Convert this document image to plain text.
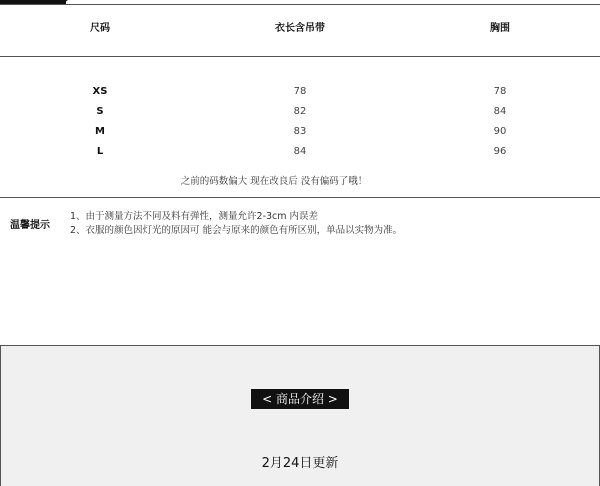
尺码	衣长含吊带	胸围
XS	78	78
S	82	84
M	83	90
L	84	96
之前的码数偏大 现在改良后 没有偏码了哦！
温馨提示
1、由于测量方法不同及料有弹性，测量允许2-3cm 内误差
2、衣服的颜色因灯光的原因可 能会与原来的颜色有所区别，单品以实物为准。
< 商品介绍 >
2月24日更新
